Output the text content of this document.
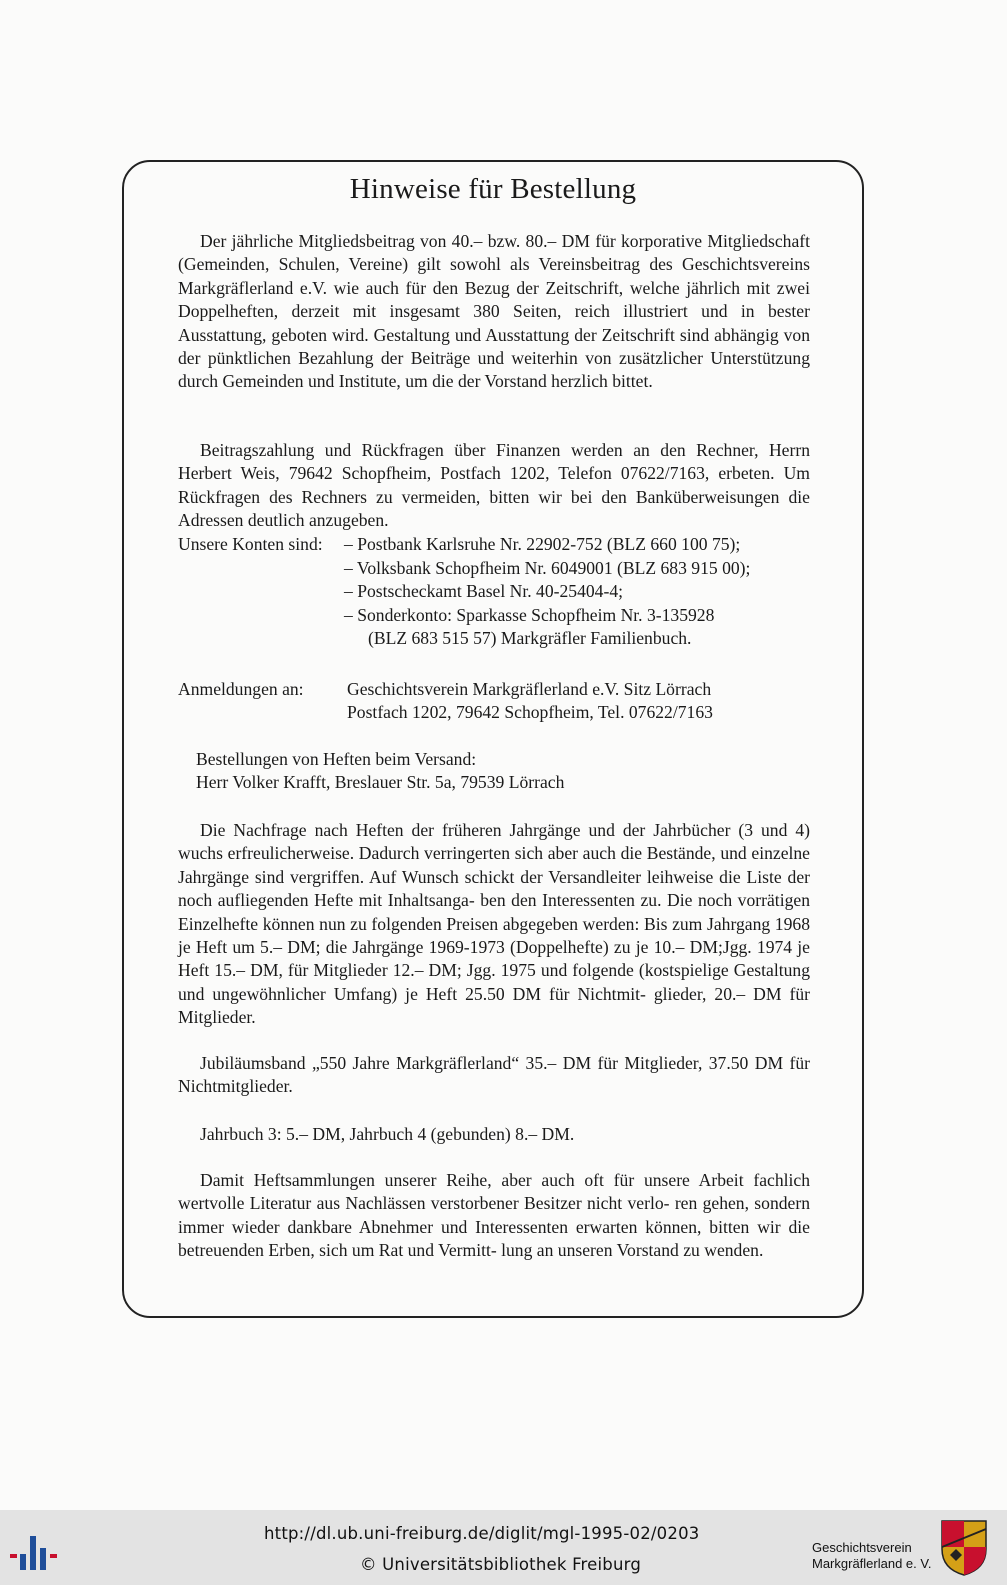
Hinweise für Bestellung

Der jährliche Mitgliedsbeitrag von 40.– bzw. 80.– DM für korporative Mitgliedschaft (Gemeinden, Schulen, Vereine) gilt sowohl als Vereinsbeitrag des Geschichtsvereins Markgräflerland e.V. wie auch für den Bezug der Zeitschrift, welche jährlich mit zwei Doppelheften, derzeit mit insgesamt 380 Seiten, reich illustriert und in bester Ausstattung, geboten wird. Gestaltung und Ausstattung der Zeitschrift sind abhängig von der pünktlichen Bezahlung der Beiträge und weiterhin von zusätzlicher Unterstützung durch Gemeinden und Institute, um die der Vorstand herzlich bittet.

Beitragszahlung und Rückfragen über Finanzen werden an den Rechner, Herrn Herbert Weis, 79642 Schopfheim, Postfach 1202, Telefon 07622/7163, erbeten. Um Rückfragen des Rechners zu vermeiden, bitten wir bei den Banküberweisungen die Adressen deutlich anzugeben.

Unsere Konten sind: – Postbank Karlsruhe Nr. 22902-752 (BLZ 660 100 75);
– Volksbank Schopfheim Nr. 6049001 (BLZ 683 915 00);
– Postscheckamt Basel Nr. 40-25404-4;
– Sonderkonto: Sparkasse Schopfheim Nr. 3-135928
(BLZ 683 515 57) Markgräfler Familienbuch.
Anmeldungen an: Geschichtsverein Markgräflerland e.V. Sitz Lörrach
Postfach 1202, 79642 Schopfheim, Tel. 07622/7163
Bestellungen von Heften beim Versand:
Herr Volker Krafft, Breslauer Str. 5a, 79539 Lörrach

Die Nachfrage nach Heften der früheren Jahrgänge und der Jahrbücher (3 und 4) wuchs erfreulicherweise. Dadurch verringerten sich aber auch die Bestände, und einzelne Jahrgänge sind vergriffen. Auf Wunsch schickt der Versandleiter leihweise die Liste der noch aufliegenden Hefte mit Inhaltsanga- ben den Interessenten zu. Die noch vorrätigen Einzelhefte können nun zu folgenden Preisen abgegeben werden: Bis zum Jahrgang 1968 je Heft um 5.– DM; die Jahrgänge 1969-1973 (Doppelhefte) zu je 10.– DM;Jgg. 1974 je Heft 15.– DM, für Mitglieder 12.– DM; Jgg. 1975 und folgende (kostspielige Gestaltung und ungewöhnlicher Umfang) je Heft 25.50 DM für Nichtmit- glieder, 20.– DM für Mitglieder.

Jubiläumsband „550 Jahre Markgräflerland“ 35.– DM für Mitglieder, 37.50 DM für Nichtmitglieder.

Jahrbuch 3: 5.– DM, Jahrbuch 4 (gebunden) 8.– DM.

Damit Heftsammlungen unserer Reihe, aber auch oft für unsere Arbeit fachlich wertvolle Literatur aus Nachlässen verstorbener Besitzer nicht verlo- ren gehen, sondern immer wieder dankbare Abnehmer und Interessenten erwarten können, bitten wir die betreuenden Erben, sich um Rat und Vermitt- lung an unseren Vorstand zu wenden.

http://dl.ub.uni-freiburg.de/diglit/mgl-1995-02/0203
© Universitätsbibliothek Freiburg
Geschichtsverein
Markgräflerland e. V.
